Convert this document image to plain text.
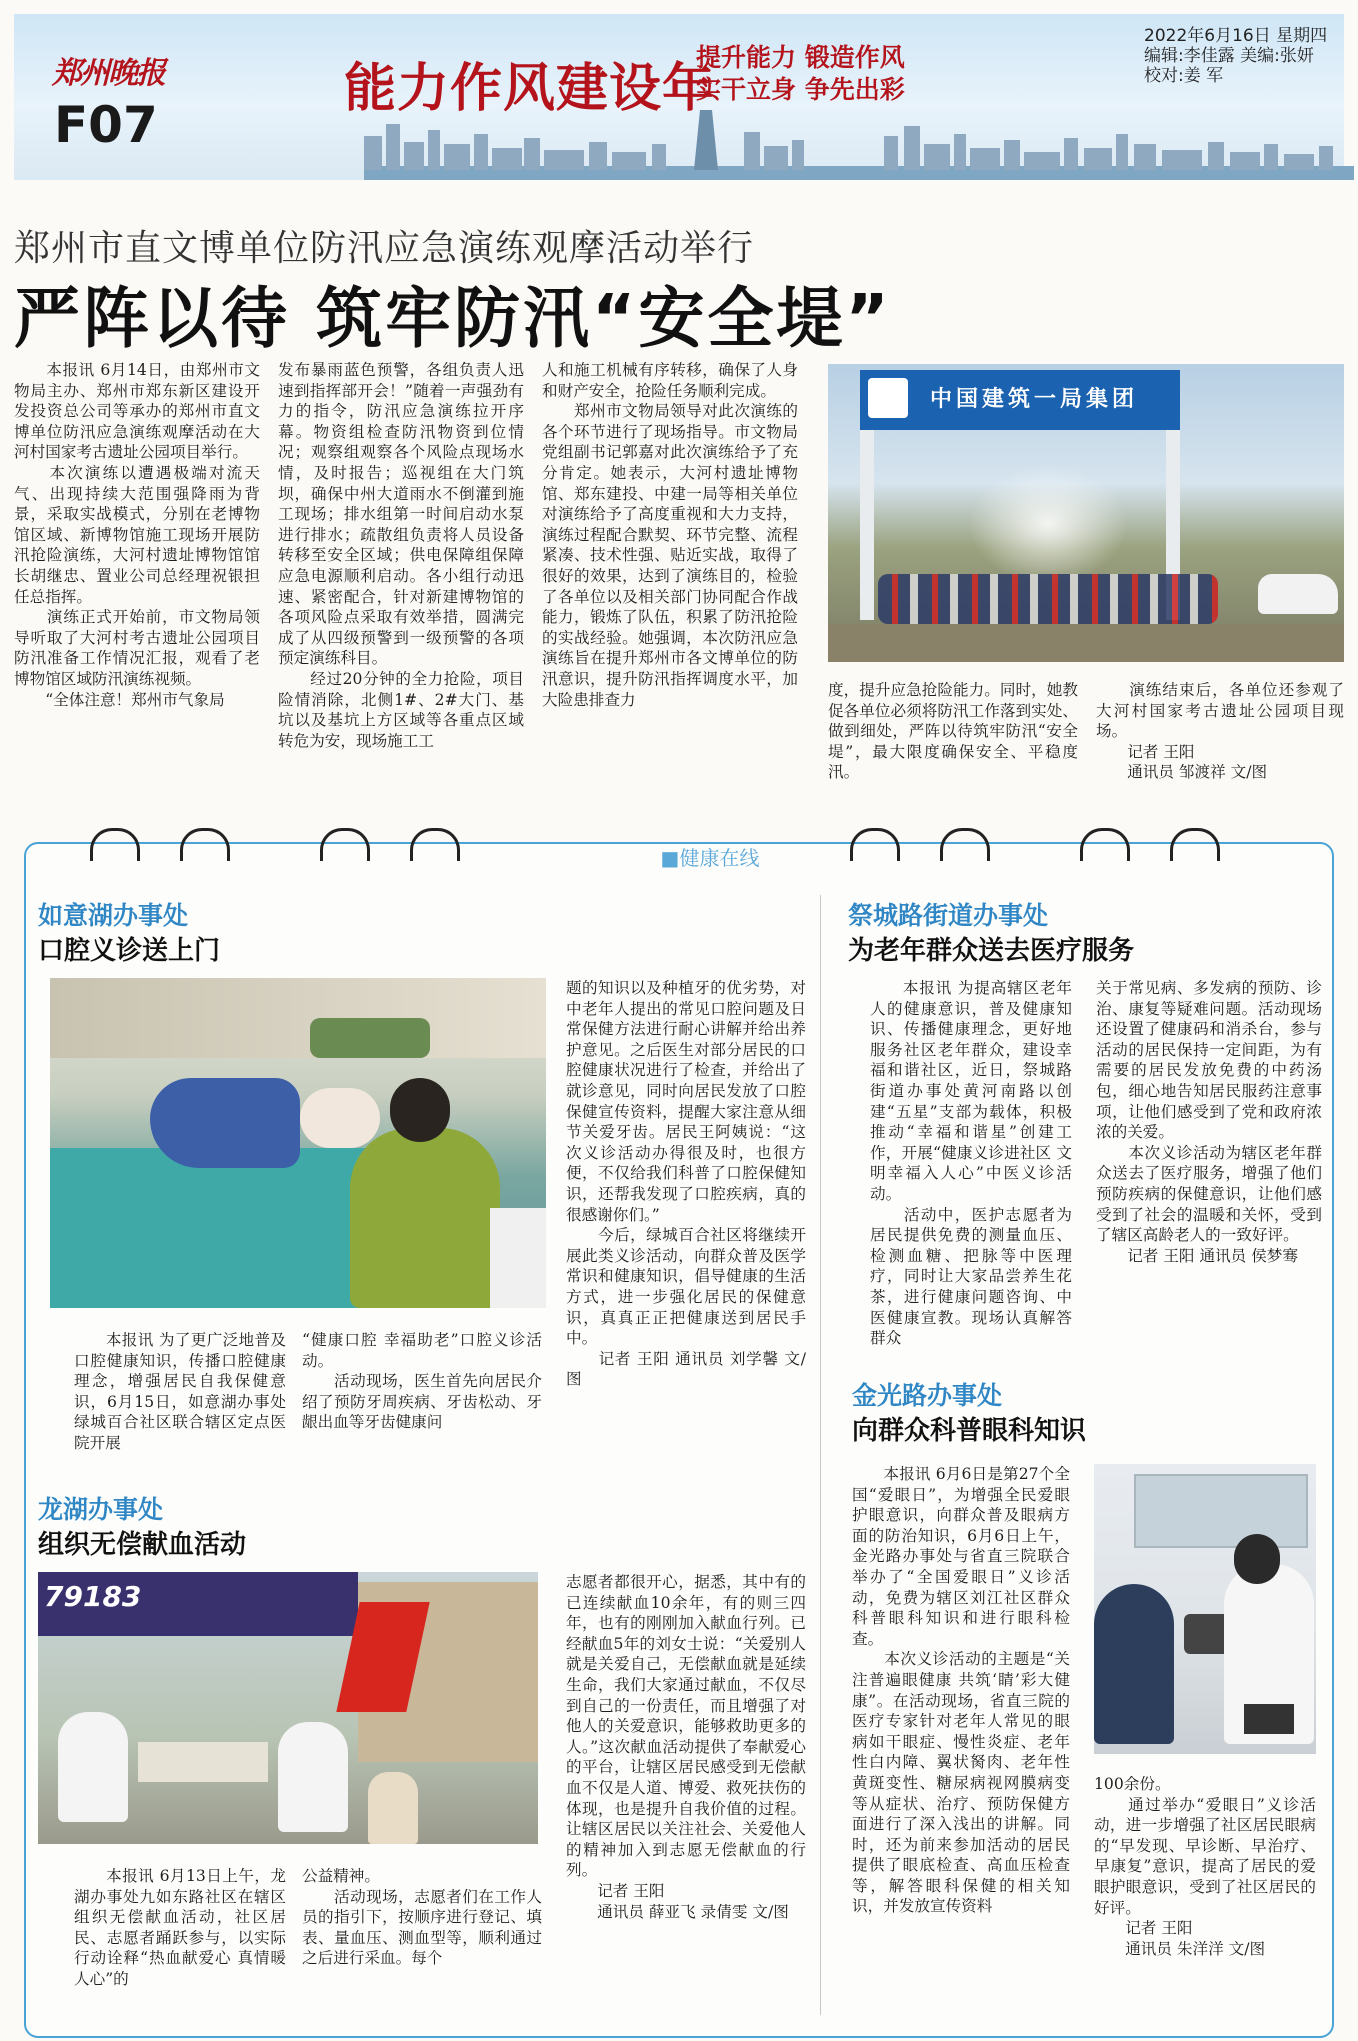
郑州晚报
F07
能力作风建设年
提升能力 锻造作风
实干立身 争先出彩
2022年6月16日 星期四
编辑:李佳露 美编:张妍
校对:姜 军
郑州市直文博单位防汛应急演练观摩活动举行
严阵以待 筑牢防汛“安全堤”
　　本报讯 6月14日，由郑州市文物局主办、郑州市郑东新区建设开发投资总公司等承办的郑州市直文博单位防汛应急演练观摩活动在大河村国家考古遗址公园项目举行。
　　本次演练以遭遇极端对流天气、出现持续大范围强降雨为背景，采取实战模式，分别在老博物馆区域、新博物馆施工现场开展防汛抢险演练，大河村遗址博物馆馆长胡继忠、置业公司总经理祝银担任总指挥。
　　演练正式开始前，市文物局领导听取了大河村考古遗址公园项目防汛准备工作情况汇报，观看了老博物馆区域防汛演练视频。
　　“全体注意！郑州市气象局
发布暴雨蓝色预警，各组负责人迅速到指挥部开会！”随着一声强劲有力的指令，防汛应急演练拉开序幕。物资组检查防汛物资到位情况；观察组观察各个风险点现场水情，及时报告；巡视组在大门筑坝，确保中州大道雨水不倒灌到施工现场；排水组第一时间启动水泵进行排水；疏散组负责将人员设备转移至安全区域；供电保障组保障应急电源顺利启动。各小组行动迅速、紧密配合，针对新建博物馆的各项风险点采取有效举措，圆满完成了从四级预警到一级预警的各项预定演练科目。
　　经过20分钟的全力抢险，项目险情消除，北侧1#、2#大门、基坑以及基坑上方区域等各重点区域转危为安，现场施工工
人和施工机械有序转移，确保了人身和财产安全，抢险任务顺利完成。
　　郑州市文物局领导对此次演练的各个环节进行了现场指导。市文物局党组副书记郭嘉对此次演练给予了充分肯定。她表示，大河村遗址博物馆、郑东建投、中建一局等相关单位对演练给予了高度重视和大力支持，演练过程配合默契、环节完整、流程紧凑、技术性强、贴近实战，取得了很好的效果，达到了演练目的，检验了各单位以及相关部门协同配合作战能力，锻炼了队伍，积累了防汛抢险的实战经验。她强调，本次防汛应急演练旨在提升郑州市各文博单位的防汛意识，提升防汛指挥调度水平，加大险患排查力
中国建筑一局集团
度，提升应急抢险能力。同时，她教促各单位必须将防汛工作落到实处、做到细处，严阵以待筑牢防汛“安全堤”，最大限度确保安全、平稳度汛。
　　演练结束后，各单位还参观了大河村国家考古遗址公园项目现场。
　　记者 王阳
　　通讯员 邹渡祥 文/图
■健康在线
如意湖办事处
口腔义诊送上门
题的知识以及种植牙的优劣势，对中老年人提出的常见口腔问题及日常保健方法进行耐心讲解并给出养护意见。之后医生对部分居民的口腔健康状况进行了检查，并给出了就诊意见，同时向居民发放了口腔保健宣传资料，提醒大家注意从细节关爱牙齿。居民王阿姨说：“这次义诊活动办得很及时，也很方便，不仅给我们科普了口腔保健知识，还帮我发现了口腔疾病，真的很感谢你们。”
　　今后，绿城百合社区将继续开展此类义诊活动，向群众普及医学常识和健康知识，倡导健康的生活方式，进一步强化居民的保健意识，真真正正把健康送到居民手中。
　　记者 王阳 通讯员 刘学馨 文/图
　　本报讯 为了更广泛地普及口腔健康知识，传播口腔健康理念，增强居民自我保健意识，6月15日，如意湖办事处绿城百合社区联合辖区定点医院开展
“健康口腔 幸福助老”口腔义诊活动。
　　活动现场，医生首先向居民介绍了预防牙周疾病、牙齿松动、牙龈出血等牙齿健康问
龙湖办事处
组织无偿献血活动
79183	志愿者都很开心，据悉，其中有的已连续献血10余年，有的则三四年，也有的刚刚加入献血行列。已经献血5年的刘女士说：“关爱别人就是关爱自己，无偿献血就是延续生命，我们大家通过献血，不仅尽到自己的一份责任，而且增强了对他人的关爱意识，能够救助更多的人。”这次献血活动提供了奉献爱心的平台，让辖区居民感受到无偿献血不仅是人道、博爱、救死扶伤的体现，也是提升自我价值的过程。让辖区居民以关注社会、关爱他人的精神加入到志愿无偿献血的行列。
　　记者 王阳
　　通讯员 薛亚飞 录倩雯 文/图
　　本报讯 6月13日上午，龙湖办事处九如东路社区在辖区组织无偿献血活动，社区居民、志愿者踊跃参与，以实际行动诠释“热血献爱心 真情暖人心”的
公益精神。
　　活动现场，志愿者们在工作人员的指引下，按顺序进行登记、填表、量血压、测血型等，顺利通过之后进行采血。每个
祭城路街道办事处
为老年群众送去医疗服务
　　本报讯 为提高辖区老年人的健康意识，普及健康知识、传播健康理念，更好地服务社区老年群众，建设幸福和谐社区，近日，祭城路街道办事处黄河南路以创建“五星”支部为载体，积极推动“幸福和谐星”创建工作，开展“健康义诊进社区 文明幸福入人心”中医义诊活动。
　　活动中，医护志愿者为居民提供免费的测量血压、检测血糖、把脉等中医理疗，同时让大家品尝养生花茶，进行健康问题咨询、中医健康宣教。现场认真解答群众
关于常见病、多发病的预防、诊治、康复等疑难问题。活动现场还设置了健康码和消杀台，参与活动的居民保持一定间距，为有需要的居民发放免费的中药汤包，细心地告知居民服药注意事项，让他们感受到了党和政府浓浓的关爱。
　　本次义诊活动为辖区老年群众送去了医疗服务，增强了他们预防疾病的保健意识，让他们感受到了社会的温暖和关怀，受到了辖区高龄老人的一致好评。
　　记者 王阳 通讯员 侯梦骞
金光路办事处
向群众科普眼科知识
　　本报讯 6月6日是第27个全国“爱眼日”，为增强全民爱眼护眼意识，向群众普及眼病方面的防治知识，6月6日上午，金光路办事处与省直三院联合举办了“全国爱眼日”义诊活动，免费为辖区刘江社区群众科普眼科知识和进行眼科检查。
　　本次义诊活动的主题是“关注普遍眼健康 共筑‘睛’彩大健康”。在活动现场，省直三院的医疗专家针对老年人常见的眼病如干眼症、慢性炎症、老年性白内障、翼状胬肉、老年性黄斑变性、糖尿病视网膜病变等从症状、治疗、预防保健方面进行了深入浅出的讲解。同时，还为前来参加活动的居民提供了眼底检查、高血压检查等，解答眼科保健的相关知识，并发放宣传资料
100余份。
　　通过举办“爱眼日”义诊活动，进一步增强了社区居民眼病的“早发现、早诊断、早治疗、早康复”意识，提高了居民的爱眼护眼意识，受到了社区居民的好评。
　　记者 王阳
　　通讯员 朱洋洋 文/图
